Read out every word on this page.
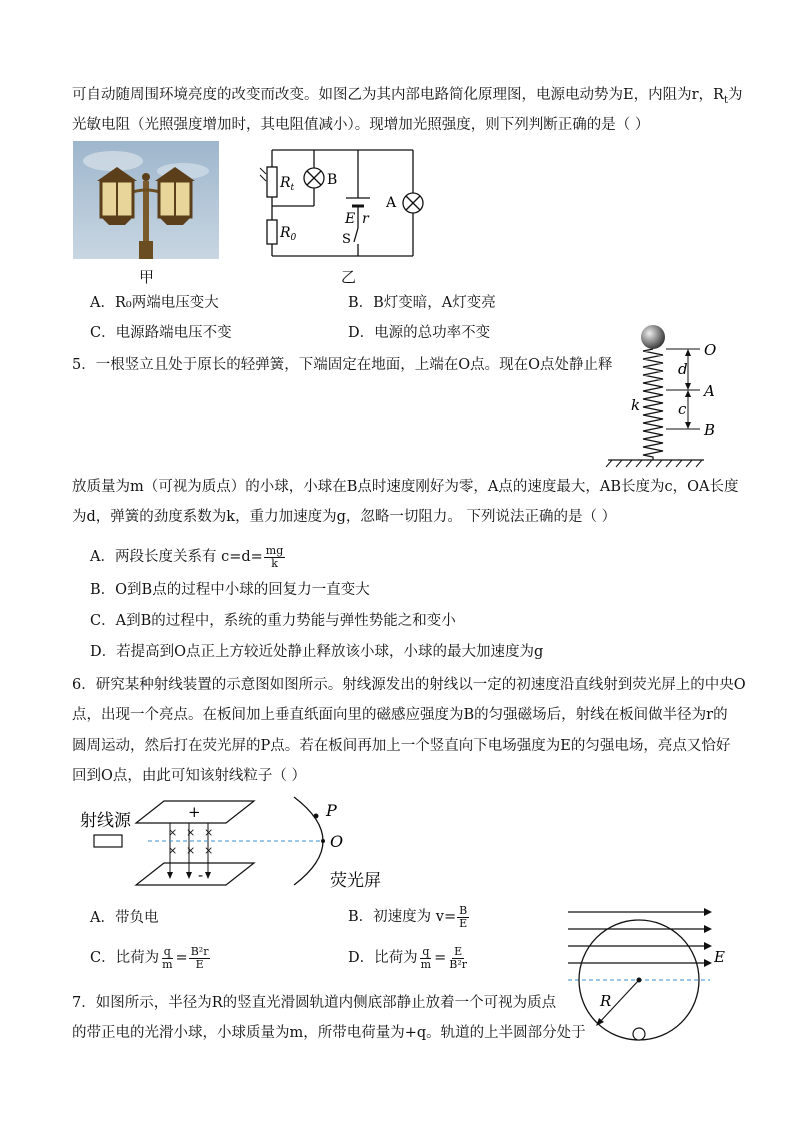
可自动随周围环境亮度的改变而改变。如图乙为其内部电路简化原理图，电源电动势为E，内阻为r，$R_t$为
光敏电阻（光照强度增加时，其电阻值减小）。现增加光照强度，则下列判断正确的是（ ）
甲
$R_t$
$R_0$
B
A
E r
S
乙
A．R₀两端电压变大	B．B灯变暗，A灯变亮
C．电源路端电压不变	D．电源的总功率不变
5．一根竖立且处于原长的轻弹簧，下端固定在地面，上端在O点。现在O点处静止释
O
d
A
c
k
B
放质量为m（可视为质点）的小球，小球在B点时速度刚好为零，A点的速度最大，AB长度为c，OA长度
为d，弹簧的劲度系数为k，重力加速度为g，忽略一切阻力。 下列说法正确的是（ ）
A．两段长度关系有 $c=d= \frac{mg}{k}$
B．O到B点的过程中小球的回复力一直变大
C．A到B的过程中，系统的重力势能与弹性势能之和变小
D．若提高到O点正上方较近处静止释放该小球，小球的最大加速度为g
6．研究某种射线装置的示意图如图所示。射线源发出的射线以一定的初速度沿直线射到荧光屏上的中央O
点，出现一个亮点。在板间加上垂直纸面向里的磁感应强度为B的匀强磁场后，射线在板间做半径为r的
圆周运动，然后打在荧光屏的P点。若在板间再加上一个竖直向下电场强度为E的匀强电场，亮点又恰好
回到O点，由此可知该射线粒子（ ）
射线源	+
-
× × ×
× × ×
P
O
荧光屏
A．带负电	B．初速度为 $v= \frac{B}{E}$
C．比荷为 $\frac{q}{m} = \frac{\text{B²r}}{E}$	D．比荷为 $\frac{q}{m} = \frac{E}{\text{B²r}}$	E
R
7．如图所示，半径为R的竖直光滑圆轨道内侧底部静止放着一个可视为质点
的带正电的光滑小球，小球质量为m，所带电荷量为+q。轨道的上半圆部分处于
